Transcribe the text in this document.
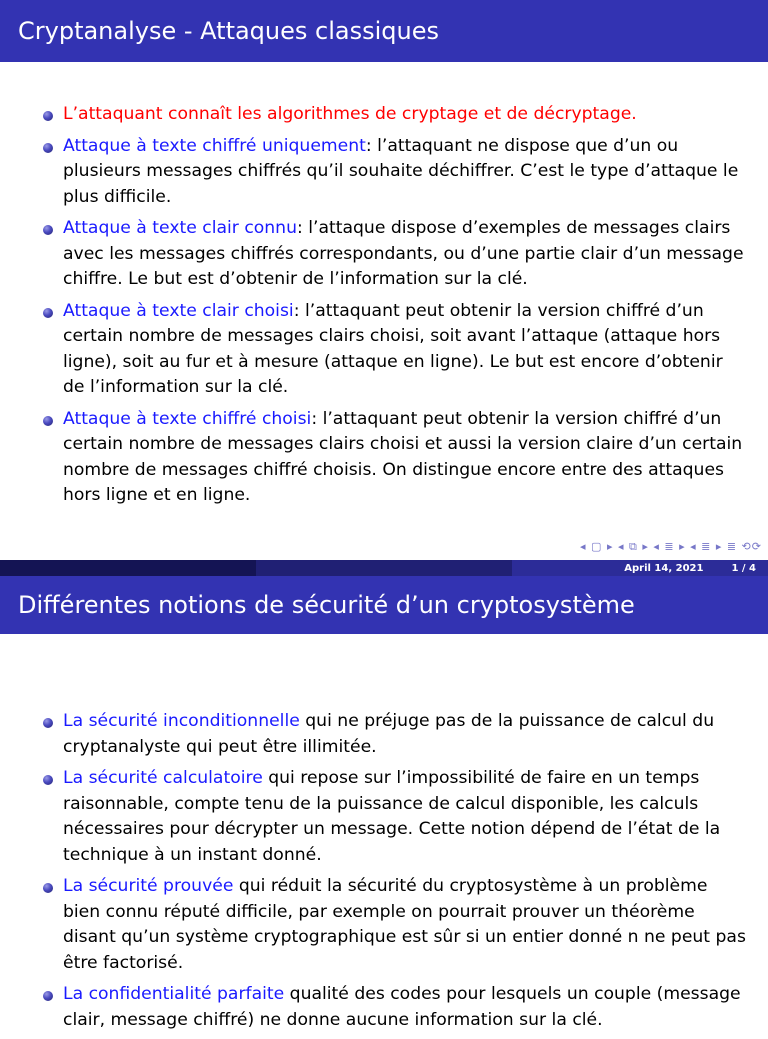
Cryptanalyse - Attaques classiques
L’attaquant connaît les algorithmes de cryptage et de décryptage.
Attaque à texte chiffré uniquement: l’attaquant ne dispose que d’un ou plusieurs messages chiffrés qu’il souhaite déchiffrer. C’est le type d’attaque le plus difficile.
Attaque à texte clair connu: l’attaque dispose d’exemples de messages clairs avec les messages chiffrés correspondants, ou d’une partie clair d’un message chiffre. Le but est d’obtenir de l’information sur la clé.
Attaque à texte clair choisi: l’attaquant peut obtenir la version chiffré d’un certain nombre de messages clairs choisi, soit avant l’attaque (attaque hors ligne), soit au fur et à mesure (attaque en ligne). Le but est encore d’obtenir de l’information sur la clé.
Attaque à texte chiffré choisi: l’attaquant peut obtenir la version chiffré d’un certain nombre de messages clairs choisi et aussi la version claire d’un certain nombre de messages chiffré choisis. On distingue encore entre des attaques hors ligne et en ligne.
◂ ▢ ▸ ◂ ⧉ ▸ ◂ ≣ ▸ ◂ ≣ ▸ ≣ ⟲⟳
April 14, 2021	1 / 4
Différentes notions de sécurité d’un cryptosystème
La sécurité inconditionnelle qui ne préjuge pas de la puissance de calcul du cryptanalyste qui peut être illimitée.
La sécurité calculatoire qui repose sur l’impossibilité de faire en un temps raisonnable, compte tenu de la puissance de calcul disponible, les calculs nécessaires pour décrypter un message. Cette notion dépend de l’état de la technique à un instant donné.
La sécurité prouvée qui réduit la sécurité du cryptosystème à un problème bien connu réputé difficile, par exemple on pourrait prouver un théorème disant qu’un système cryptographique est sûr si un entier donné n ne peut pas être factorisé.
La confidentialité parfaite qualité des codes pour lesquels un couple (message clair, message chiffré) ne donne aucune information sur la clé.
